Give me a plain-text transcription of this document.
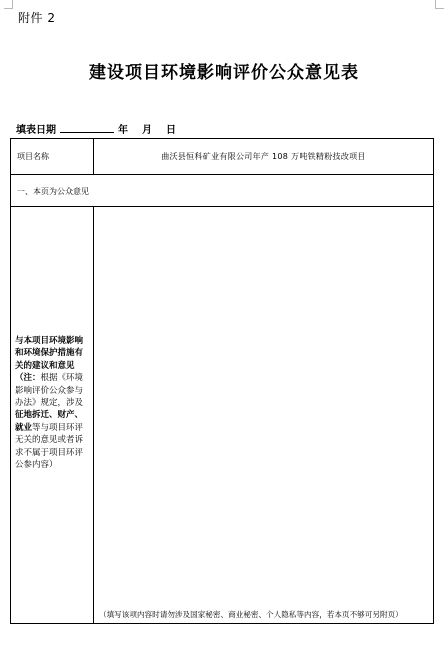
附件 2
建设项目环境影响评价公众意见表
填表日期	年 月 日
项目名称	曲沃县恒科矿业有限公司年产 108 万吨铁精粉技改项目
一、本页为公众意见
与本项目环境影响和环境保护措施有关的建议和意见（注：根据《环境影响评价公众参与办法》规定，涉及征地拆迁、财产、就业等与项目环评无关的意见或者诉求不属于项目环评公参内容）
（填写该项内容时请勿涉及国家秘密、商业秘密、个人隐私等内容，若本页不够可另附页）
